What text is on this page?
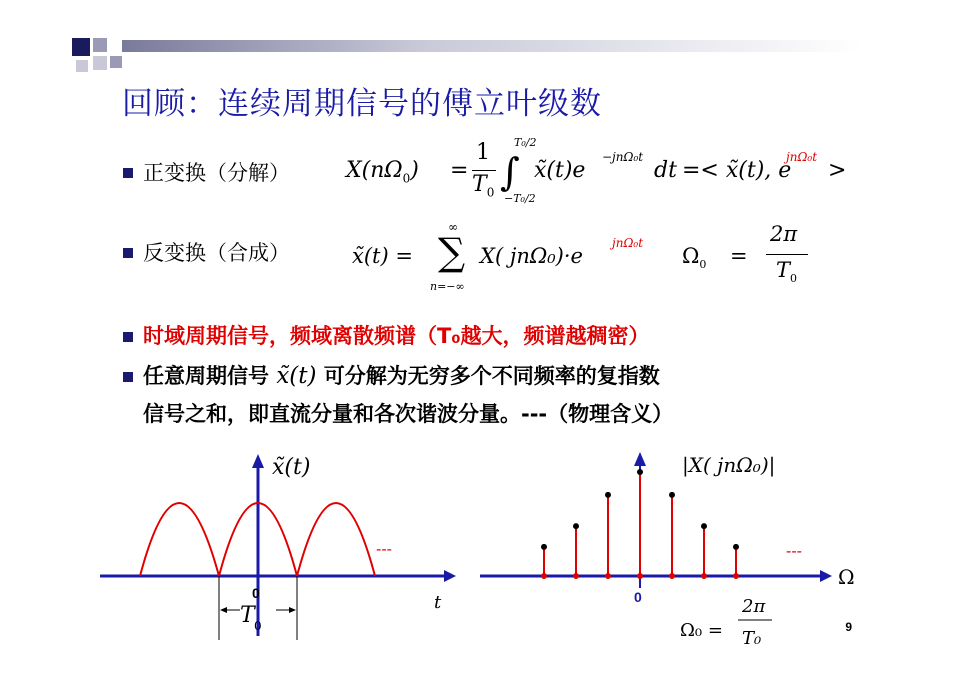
回顾：连续周期信号的傅立叶级数
正变换（分解）	$X(n\Omega_0)$ =
1
$T_0$ ∫
T₀/2
−T₀/2
x̃(t)e
−jnΩ₀t
dt =< x̃(t), e
jnΩ₀t
>
反变换（合成）	x̃(t) =
∞
∑
n=−∞
X( jnΩ₀)·e
jnΩ₀t
$\Omega_0$ =
2π
$T_0$
时域周期信号，频域离散频谱（T₀越大，频谱越稠密）
任意周期信号 x̃(t) 可分解为无穷多个不同频率的复指数
信号之和，即直流分量和各次谐波分量。---（物理含义）
T 0
0	t
x̃(t)
---
0
Ω
|X( jnΩ₀)|
---
Ω₀ =
2π
T₀
9
